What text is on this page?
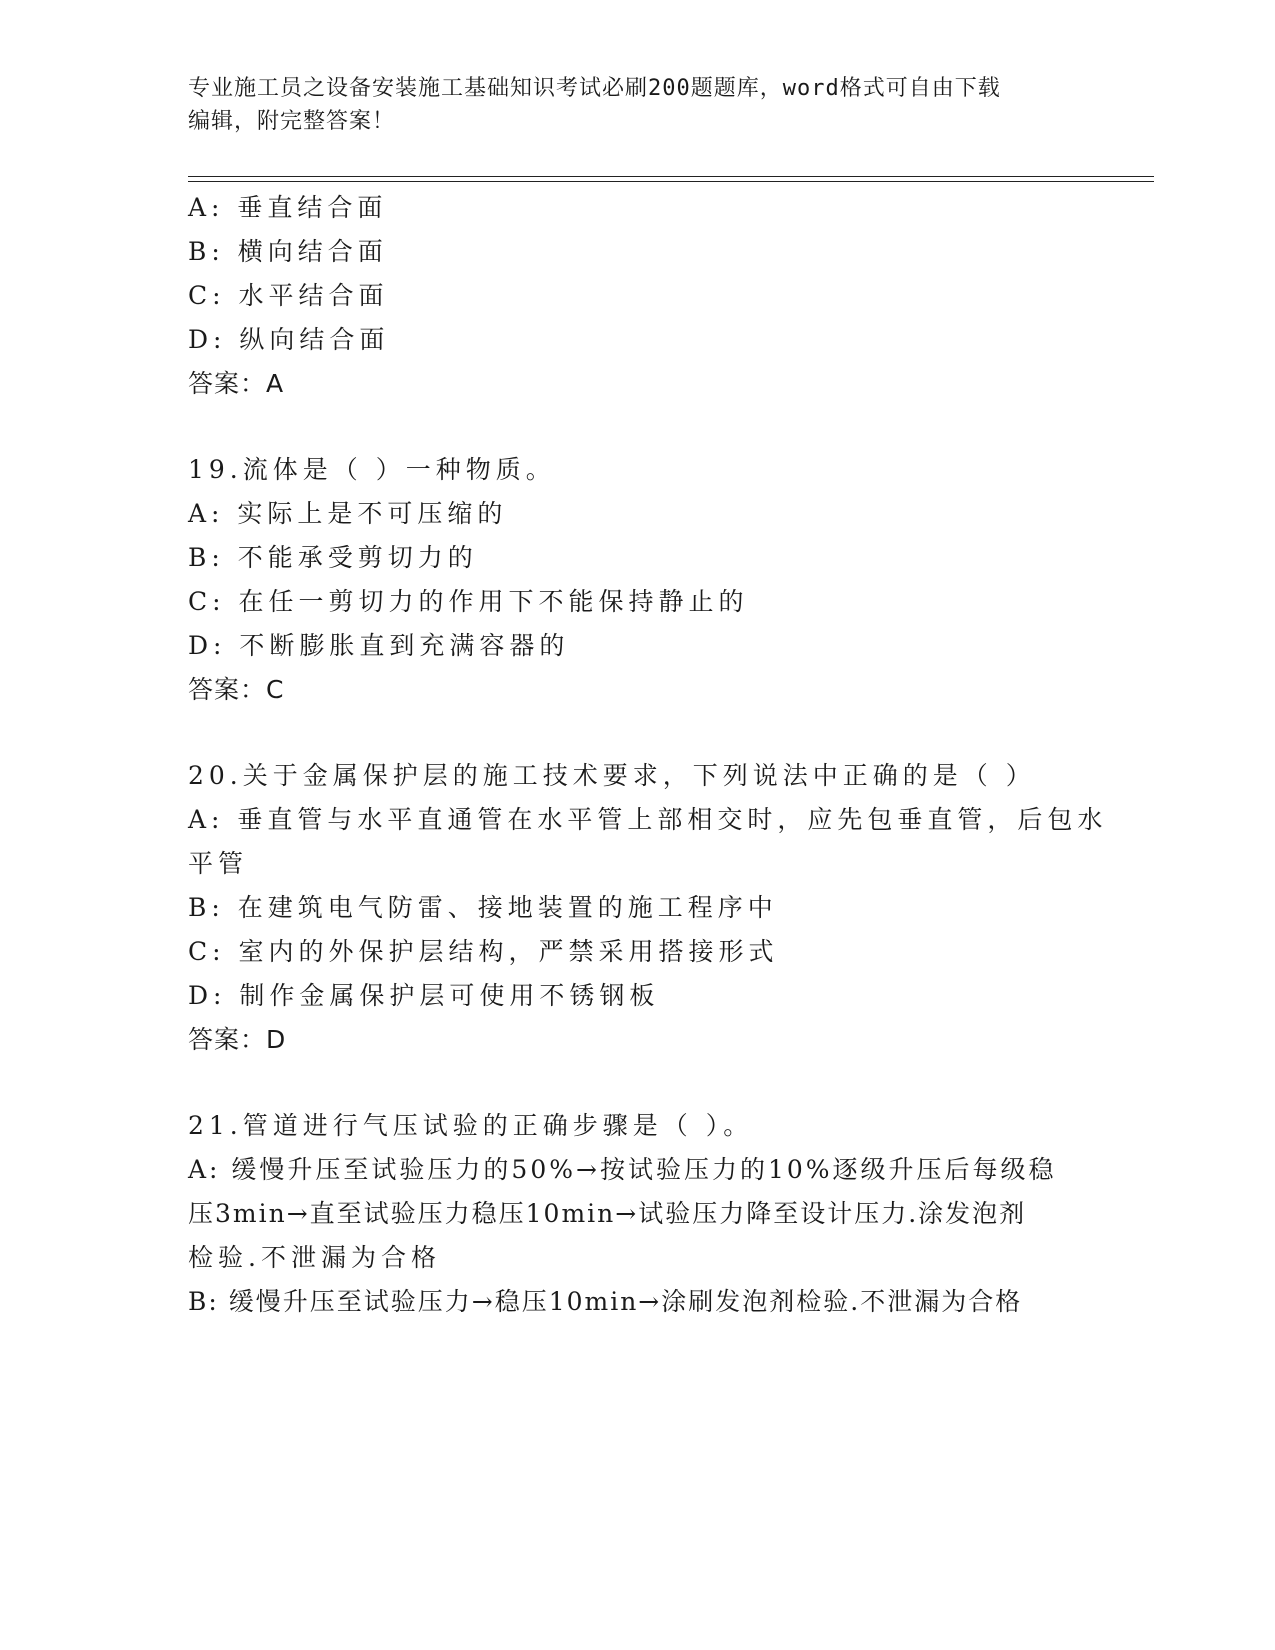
专业施工员之设备安装施工基础知识考试必刷200题题库，word格式可自由下载
编辑，附完整答案！
A: 垂直结合面
B: 横向结合面
C: 水平结合面
D: 纵向结合面
答案：A
19.流体是（ ）一种物质。
A: 实际上是不可压缩的
B: 不能承受剪切力的
C: 在任一剪切力的作用下不能保持静止的
D: 不断膨胀直到充满容器的
答案：C
20.关于金属保护层的施工技术要求，下列说法中正确的是（ ）
A: 垂直管与水平直通管在水平管上部相交时，应先包垂直管，后包水
平管
B: 在建筑电气防雷、接地装置的施工程序中
C: 室内的外保护层结构，严禁采用搭接形式
D: 制作金属保护层可使用不锈钢板
答案：D
21.管道进行气压试验的正确步骤是（ ）。
A: 缓慢升压至试验压力的50%→按试验压力的10%逐级升压后每级稳
压3min→直至试验压力稳压10min→试验压力降至设计压力.涂发泡剂
检验.不泄漏为合格
B: 缓慢升压至试验压力→稳压10min→涂刷发泡剂检验.不泄漏为合格
